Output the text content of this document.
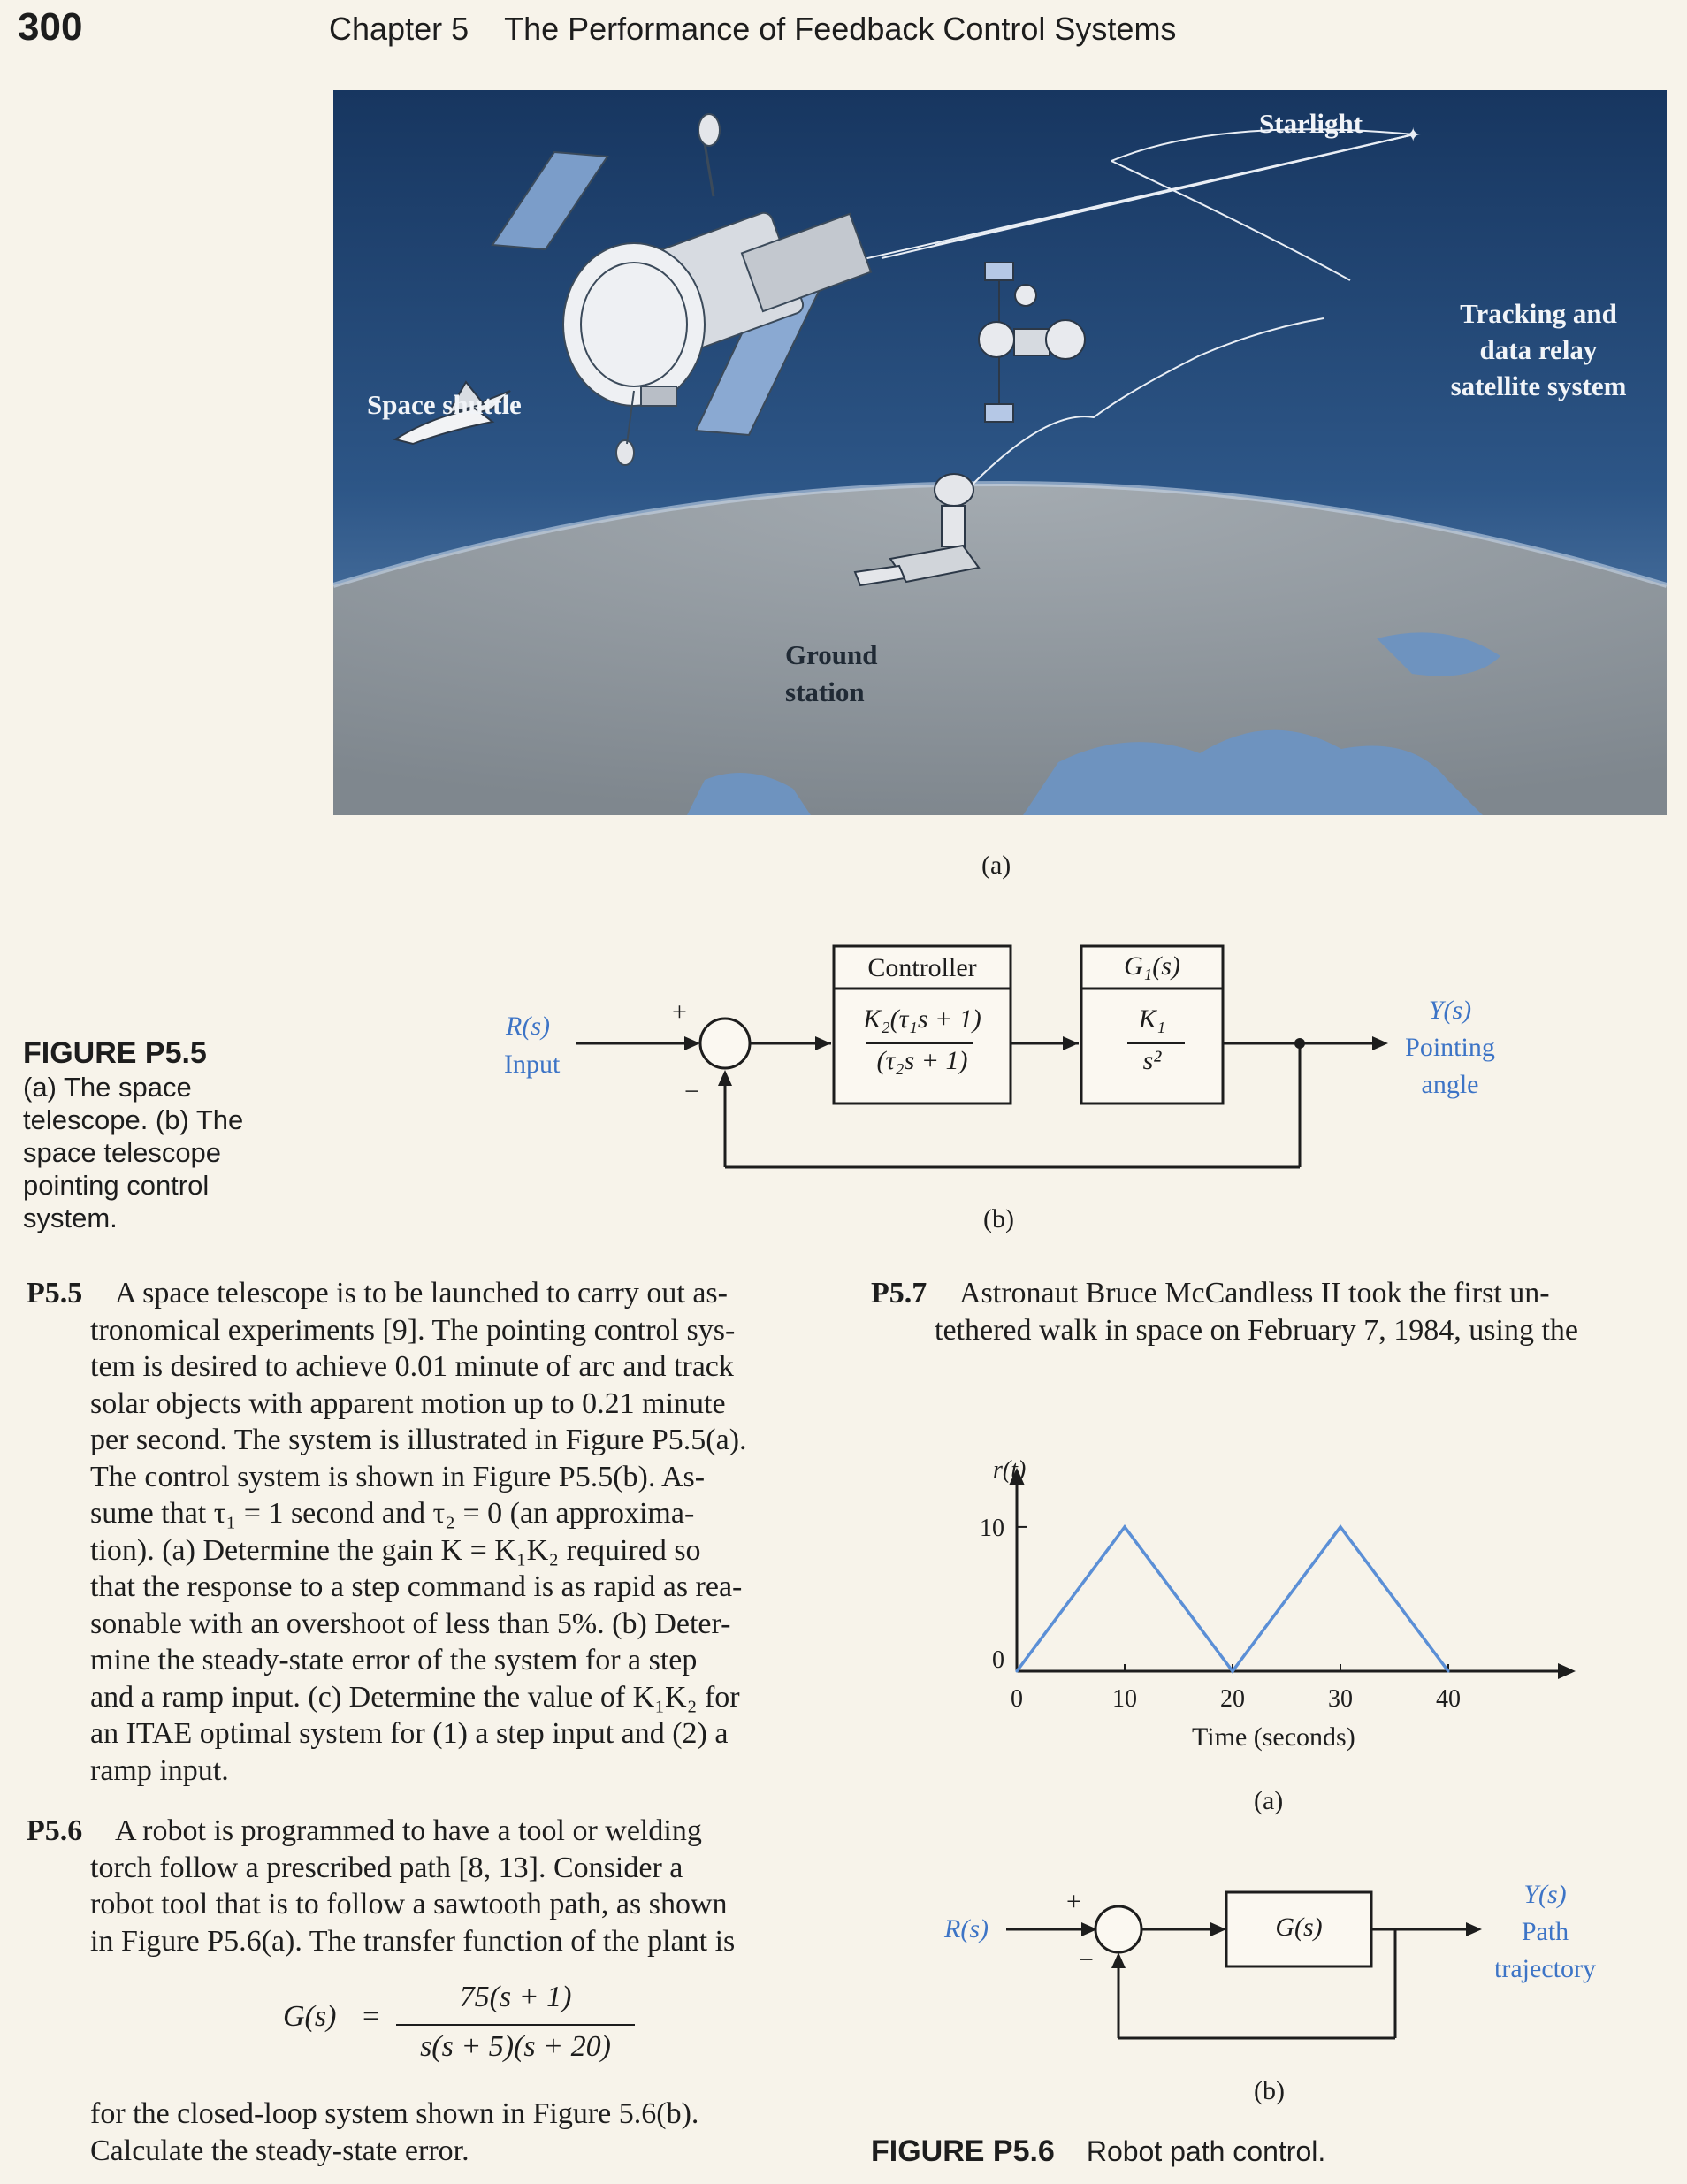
300	Chapter 5 The Performance of Feedback Control Systems
✦
Starlight
Tracking and
data relay
satellite system
Space shuttle
Ground
station
(a)
R(s)
Input
+
−
Controller
K₂(τ₁s + 1)
(τ₂s + 1)
G₁(s)
K₁
s²
Y(s)
Pointing
angle
(b)
FIGURE P5.5
(a) The space
telescope. (b) The
space telescope
pointing control
system.
P5.5 A space telescope is to be launched to carry out as-
tronomical experiments [9]. The pointing control sys-
tem is desired to achieve 0.01 minute of arc and track
solar objects with apparent motion up to 0.21 minute
per second. The system is illustrated in Figure P5.5(a).
The control system is shown in Figure P5.5(b). As-
sume that τ₁ = 1 second and τ₂ = 0 (an approxima-
tion). (a) Determine the gain K = K₁K₂ required so
that the response to a step command is as rapid as rea-
sonable with an overshoot of less than 5%. (b) Deter-
mine the steady-state error of the system for a step
and a ramp input. (c) Determine the value of K₁K₂ for
an ITAE optimal system for (1) a step input and (2) a
ramp input.
P5.6 A robot is programmed to have a tool or welding
torch follow a prescribed path [8, 13]. Consider a
robot tool that is to follow a sawtooth path, as shown
in Figure P5.6(a). The transfer function of the plant is
G(s) =
75(s + 1)
s(s + 5)(s + 20)
for the closed-loop system shown in Figure 5.6(b).
Calculate the steady-state error.
P5.7 Astronaut Bruce McCandless II took the first un-
tethered walk in space on February 7, 1984, using the
0	10	20	30	40
0
10
Time (seconds)
r(t)
(a)
R(s)
+
−
G(s)
Y(s)
Path
trajectory
(b)
FIGURE P5.6 Robot path control.
